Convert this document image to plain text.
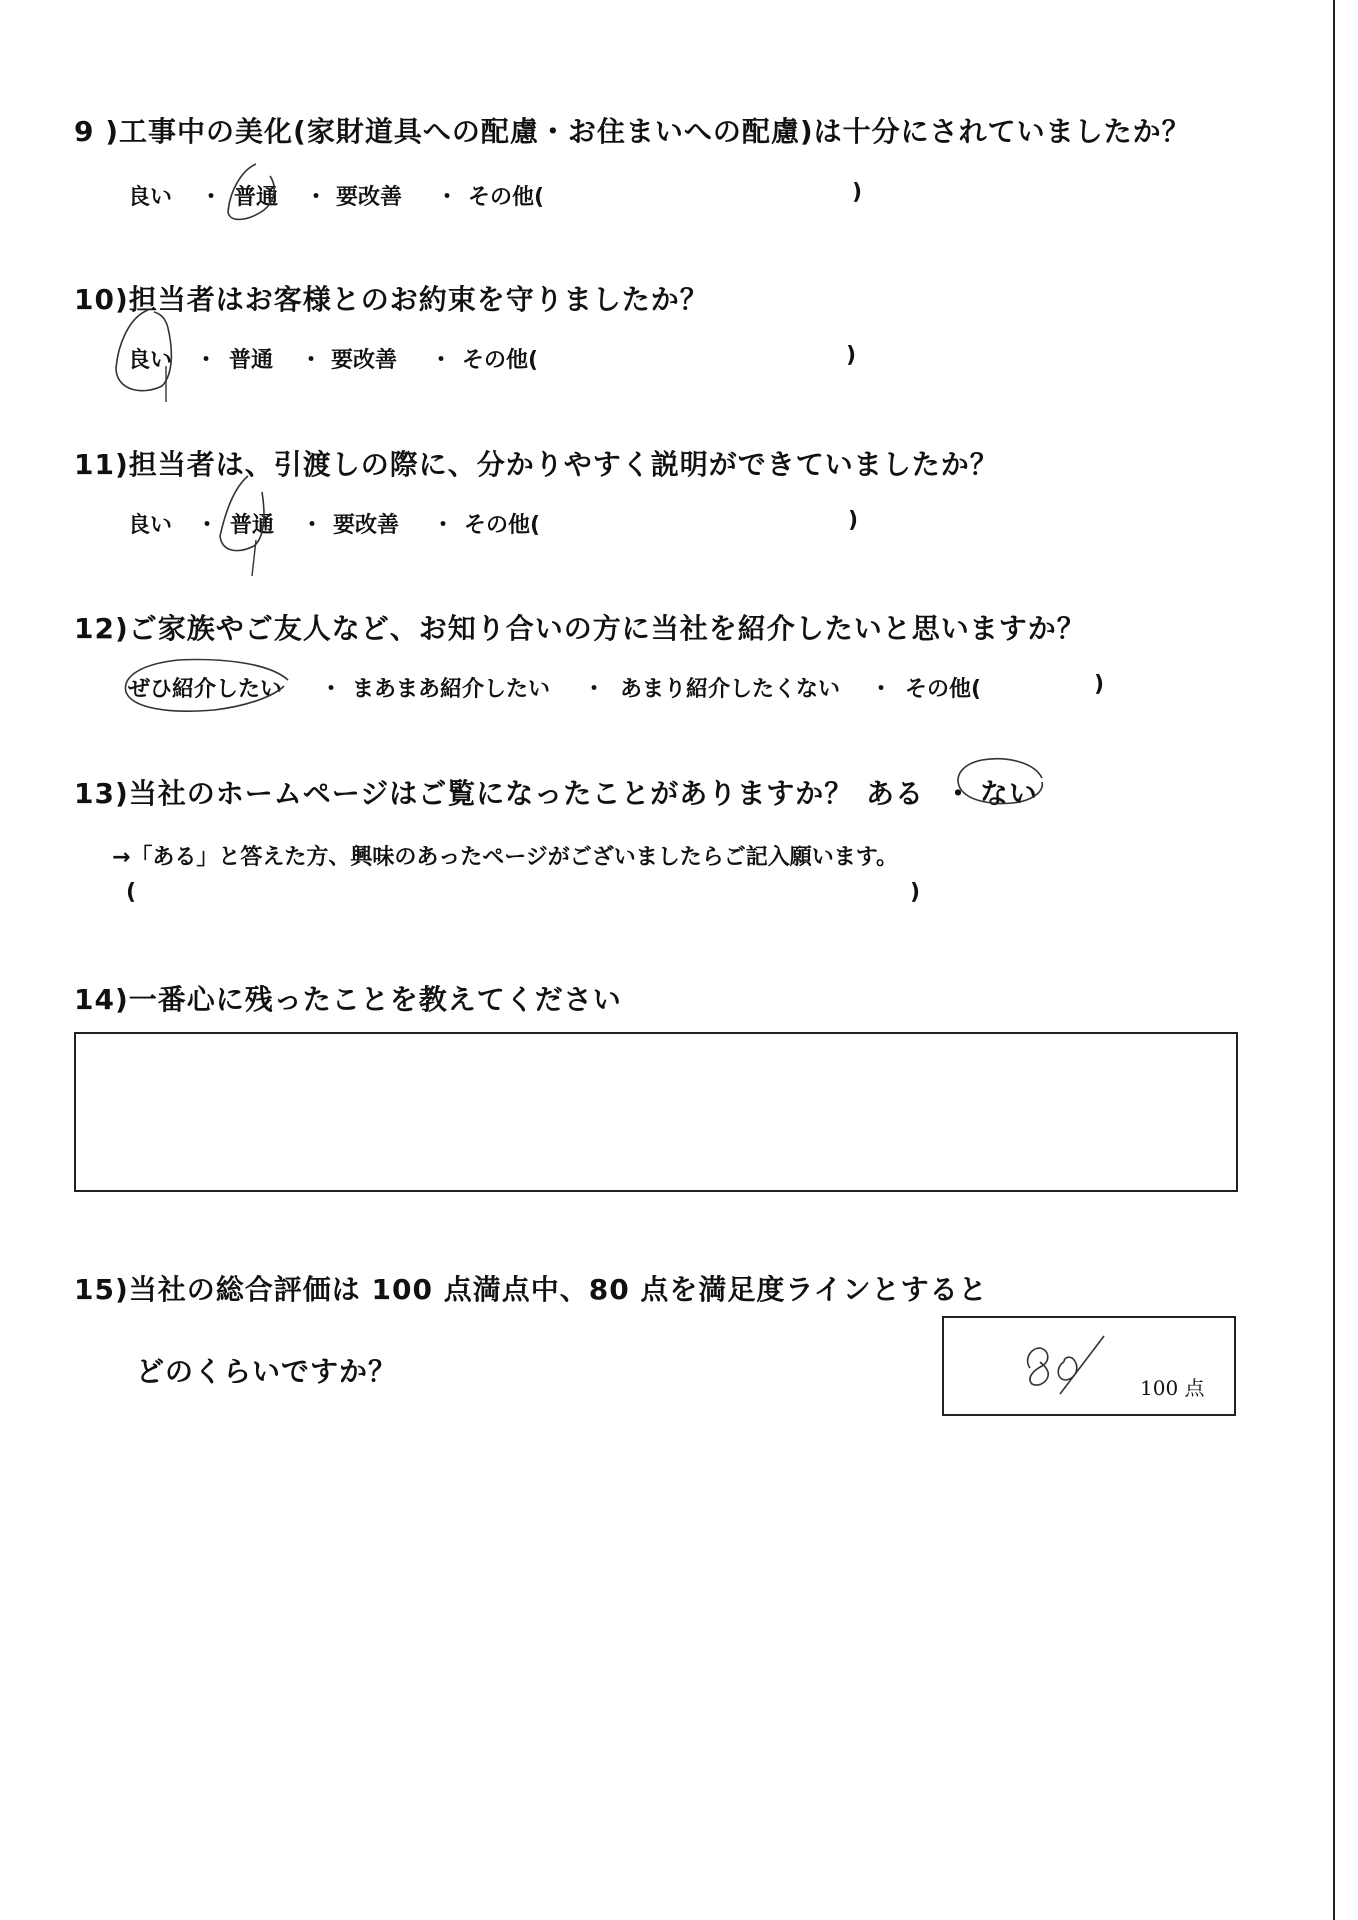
9 )工事中の美化(家財道具への配慮・お住まいへの配慮)は十分にされていましたか？
良い ・ 普通 ・ 要改善 ・ その他(	)
10)担当者はお客様とのお約束を守りましたか？
良い ・ 普通 ・ 要改善 ・ その他(	)
11)担当者は、引渡しの際に、分かりやすく説明ができていましたか？
良い ・ 普通 ・ 要改善 ・ その他(	)
12)ご家族やご友人など、お知り合いの方に当社を紹介したいと思いますか？
ぜひ紹介したい ・ まあまあ紹介したい ・ あまり紹介したくない ・ その他(	)
13)当社のホームページはご覧になったことがありますか？ ある ・ ない
→「ある」と答えた方、興味のあったページがございましたらご記入願います。
(	)
14)一番心に残ったことを教えてください
15)当社の総合評価は 100 点満点中、80 点を満足度ラインとすると
どのくらいですか？	100 点
